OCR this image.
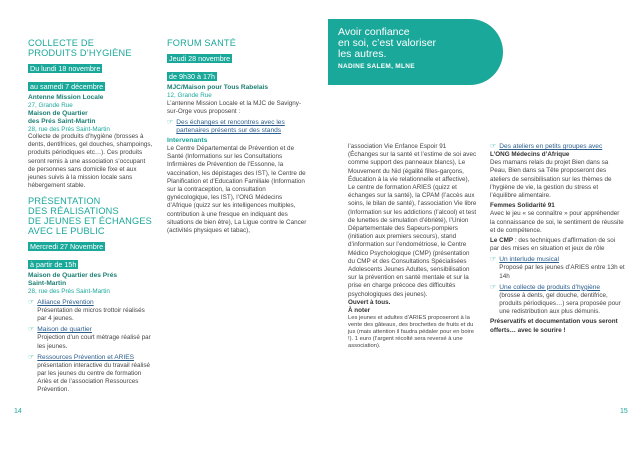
14	15
COLLECTE DE
PRODUITS D’HYGIÈNE
Du lundi 18 novembre
au samedi 7 décembre
Antenne Mission Locale
27, Grande Rue
Maison de Quartier
des Prés Saint-Martin
28, rue des Prés Saint-Martin
Collecte de produits d’hygiène (brosses à dents, dentifrices, gel douches, shampoings, produits périodiques etc…). Ces produits seront remis à une association s’occupant de personnes sans domicile fixe et aux jeunes suivis à la mission locale sans hébergement stable.
PRÉSENTATION
DES RÉALISATIONS
DE JEUNES ET ÉCHANGES
AVEC LE PUBLIC
Mercredi 27 Novembre
à partir de 15h
Maison de Quartier des Prés
Saint-Martin
28, rue des Prés Saint-Martin
☞ Alliance Prévention
Présentation de micros trottoir réalisés par 4 jeunes.
☞ Maison de quartier
Projection d’un court métrage réalisé par les jeunes.
☞ Ressources Prévention et ARIES
présentation interactive du travail réalisé par les jeunes du centre de formation Ariès et de l’association Ressources Prévention.
FORUM SANTÉ
Jeudi 28 novembre
de 9h30 à 17h
MJC/Maison pour Tous Rabelais
12, Grande Rue
L’antenne Mission Locale et la MJC de Savigny-sur-Orge vous proposent :
☞ Des échanges et rencontres avec les partenaires présents sur des stands
Intervenants
Le Centre Départemental de Prévention et de Santé (Informations sur les Consultations Infirmières de Prévention de l’Essonne, la vaccination, les dépistages des IST), le Centre de Planification et d’Education Familiale (Information sur la contraception, la consultation gynécologique, les IST), l’ONG Médecins d’Afrique (quizz sur les intelligences multiples, contribution à une fresque en indiquant des situations de bien être), La Ligue contre le Cancer (activités physiques et tabac),
Avoir confiance
en soi, c’est valoriser
les autres.
NADINE SALEM, MLNE
l’association Vie Enfance Espoir 91 (Échanges sur la santé et l’estime de soi avec comme support des panneaux blancs), Le Mouvement du Nid (égalité filles-garçons, Éducation à la vie relationnelle et affective), Le centre de formation ARIES (quizz et échanges sur la santé), la CPAM (l’accès aux soins, le bilan de santé), l’association Vie libre (Information sur les addictions (l’alcool) et test de lunettes de simulation d’ébriété), l’Union Départementale des Sapeurs-pompiers (initiation aux premiers secours), stand d’information sur l’endométriose, le Centre Médico Psychologique (CMP) (présentation du CMP et des Consultations Spécialisées Adolescents Jeunes Adultes, sensibilisation sur la prévention en santé mentale et sur la prise en charge précoce des difficultés psychologiques des jeunes).
Ouvert à tous.
À noter
Les jeunes et adultes d’ARIES proposeront à la vente des gâteaux, des brochettes de fruits et du jus (mais attention il faudra pédaler pour en boire !). 1 euro (l’argent récolté sera reversé à une association).
☞ Des ateliers en petits groupes avec
L’ONG Médecins d’Afrique
Des mamans relais du projet Bien dans sa Peau, Bien dans sa Tête proposeront des ateliers de sensibilisation sur les thèmes de l’hygiène de vie, la gestion du stress et l’équilibre alimentaire.
Femmes Solidarité 91
Avec le jeu « se connaître » pour appréhender la connaissance de soi, le sentiment de réussite et de compétence.
Le CMP : des techniques d’affirmation de soi par des mises en situation et jeux de rôle
☞ Un interlude musical
Proposé par les jeunes d’ARIES entre 13h et 14h
☞ Une collecte de produits d’hygiène
(brosse à dents, gel douche, dentifrice, produits périodiques…) sera proposée pour une redistribution aux plus démunis.
Préservatifs et documentation vous seront offerts… avec le sourire !
